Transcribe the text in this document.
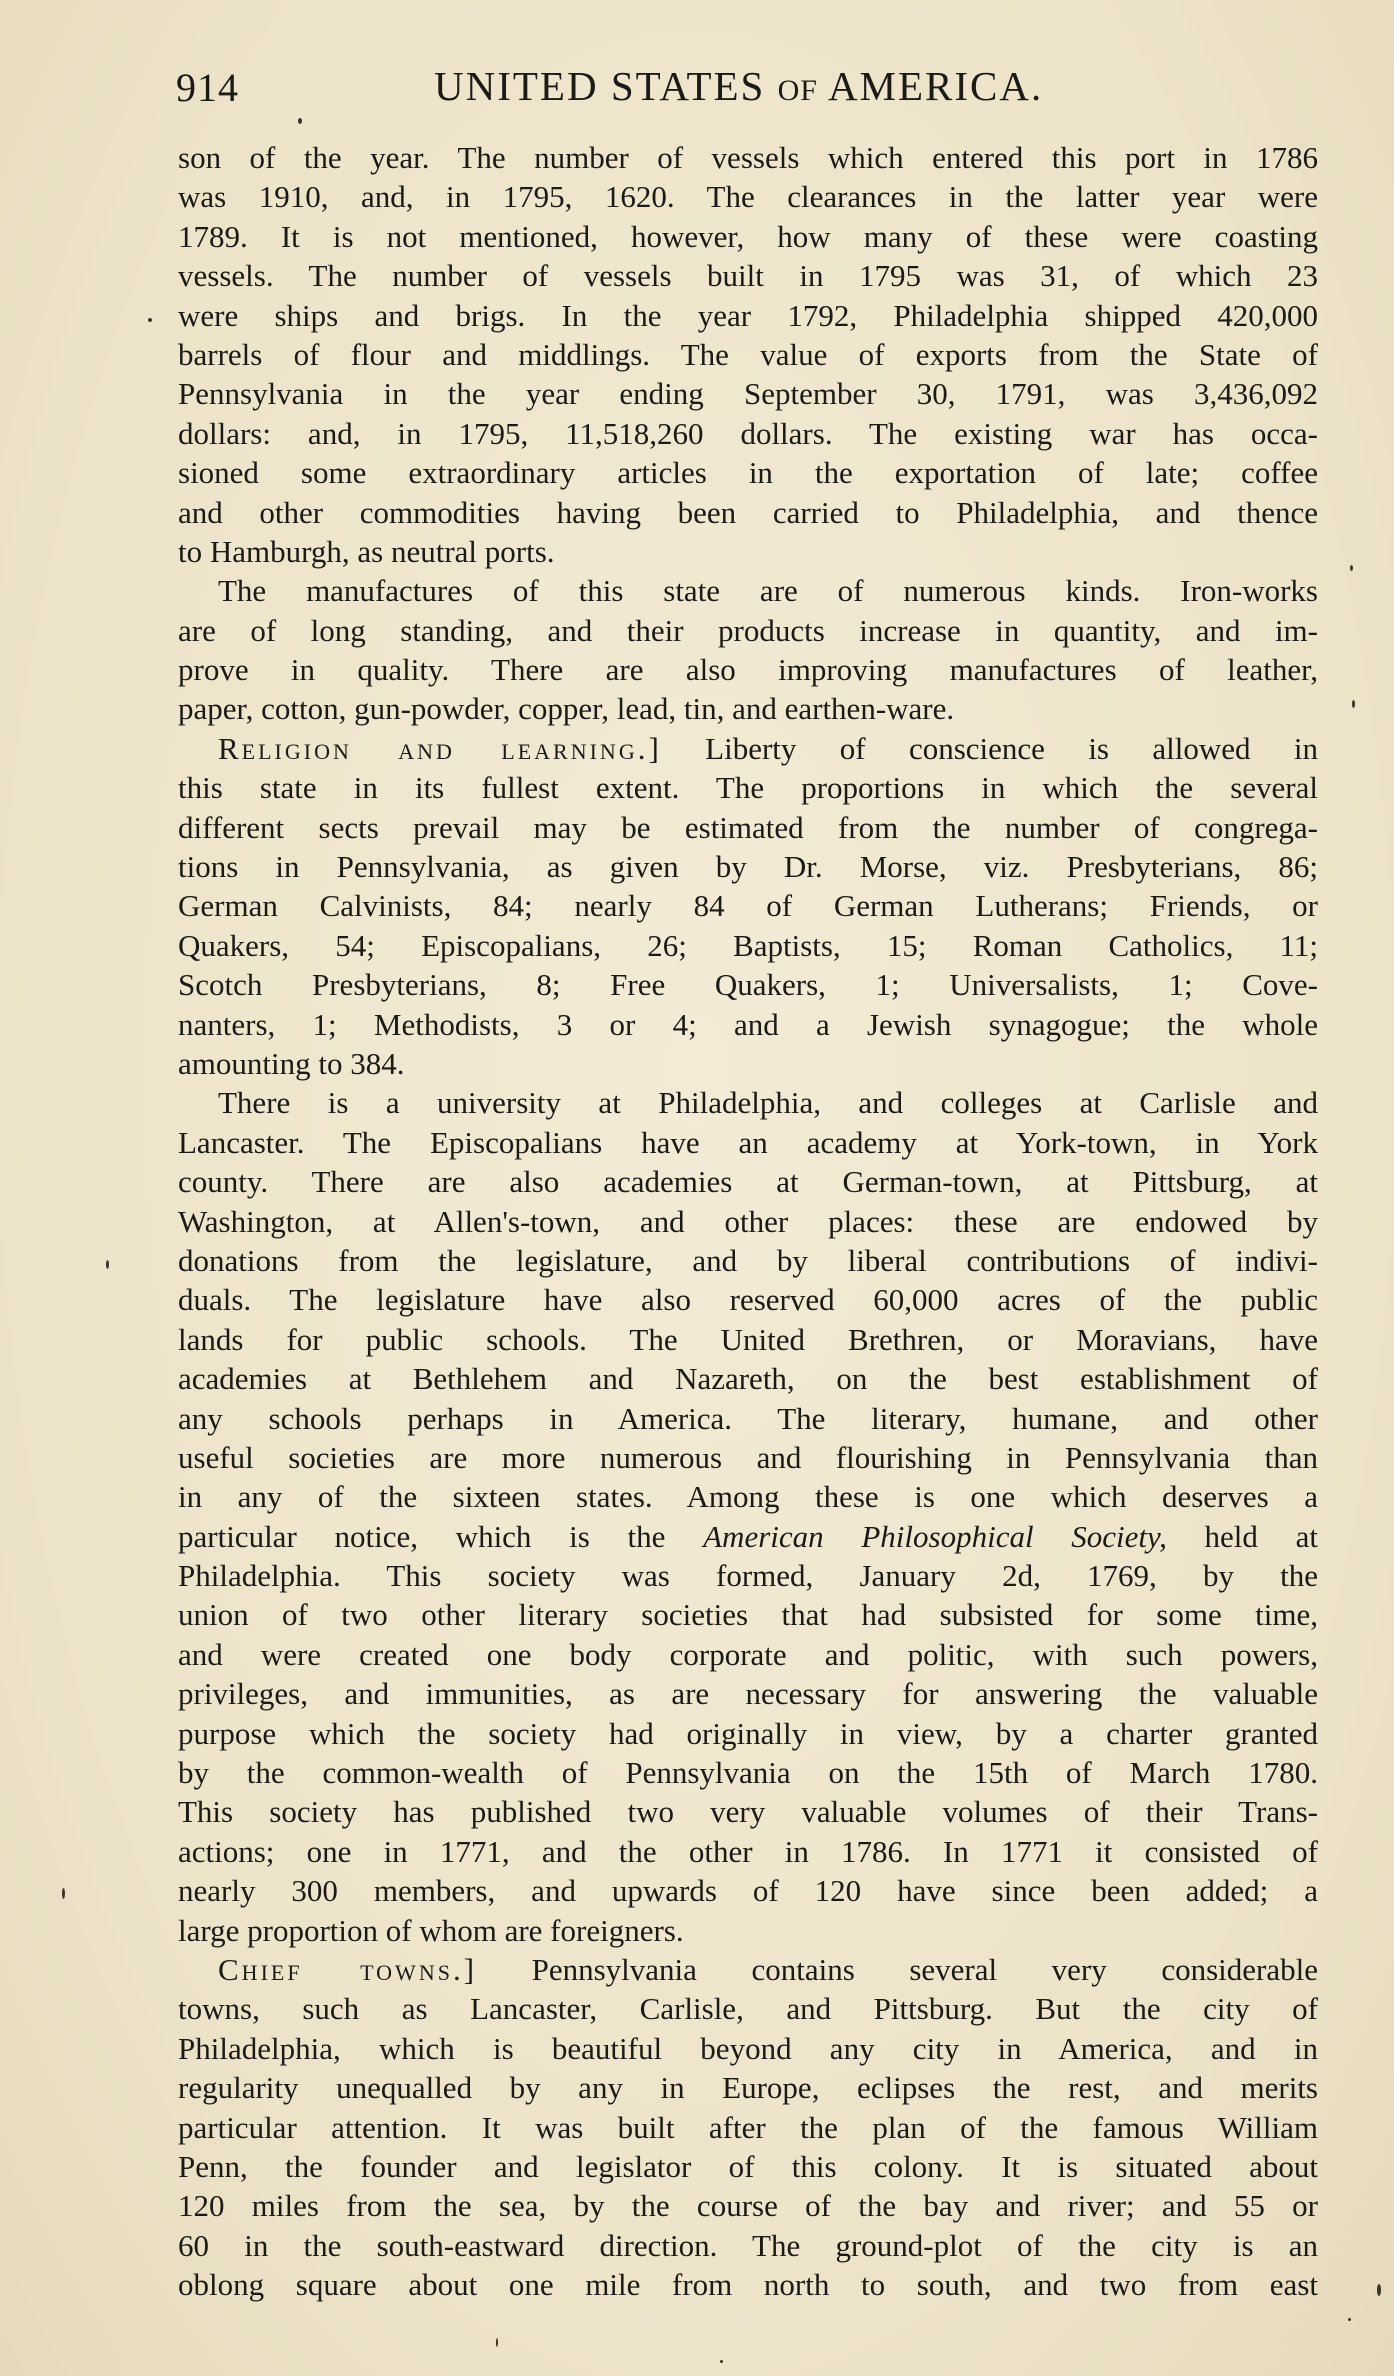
914	UNITED STATES OF AMERICA.
son of the year. The number of vessels which entered this port in 1786
was 1910, and, in 1795, 1620. The clearances in the latter year were
1789. It is not mentioned, however, how many of these were coasting
vessels. The number of vessels built in 1795 was 31, of which 23
were ships and brigs. In the year 1792, Philadelphia shipped 420,000
barrels of flour and middlings. The value of exports from the State of
Pennsylvania in the year ending September 30, 1791, was 3,436,092
dollars: and, in 1795, 11,518,260 dollars. The existing war has occa-
sioned some extraordinary articles in the exportation of late; coffee
and other commodities having been carried to Philadelphia, and thence
to Hamburgh, as neutral ports.
The manufactures of this state are of numerous kinds. Iron-works
are of long standing, and their products increase in quantity, and im-
prove in quality. There are also improving manufactures of leather,
paper, cotton, gun-powder, copper, lead, tin, and earthen-ware.
Religion and learning.] Liberty of conscience is allowed in
this state in its fullest extent. The proportions in which the several
different sects prevail may be estimated from the number of congrega-
tions in Pennsylvania, as given by Dr. Morse, viz. Presbyterians, 86;
German Calvinists, 84; nearly 84 of German Lutherans; Friends, or
Quakers, 54; Episcopalians, 26; Baptists, 15; Roman Catholics, 11;
Scotch Presbyterians, 8; Free Quakers, 1; Universalists, 1; Cove-
nanters, 1; Methodists, 3 or 4; and a Jewish synagogue; the whole
amounting to 384.
There is a university at Philadelphia, and colleges at Carlisle and
Lancaster. The Episcopalians have an academy at York-town, in York
county. There are also academies at German-town, at Pittsburg, at
Washington, at Allen's-town, and other places: these are endowed by
donations from the legislature, and by liberal contributions of indivi-
duals. The legislature have also reserved 60,000 acres of the public
lands for public schools. The United Brethren, or Moravians, have
academies at Bethlehem and Nazareth, on the best establishment of
any schools perhaps in America. The literary, humane, and other
useful societies are more numerous and flourishing in Pennsylvania than
in any of the sixteen states. Among these is one which deserves a
particular notice, which is the American Philosophical Society, held at
Philadelphia. This society was formed, January 2d, 1769, by the
union of two other literary societies that had subsisted for some time,
and were created one body corporate and politic, with such powers,
privileges, and immunities, as are necessary for answering the valuable
purpose which the society had originally in view, by a charter granted
by the common-wealth of Pennsylvania on the 15th of March 1780.
This society has published two very valuable volumes of their Trans-
actions; one in 1771, and the other in 1786. In 1771 it consisted of
nearly 300 members, and upwards of 120 have since been added; a
large proportion of whom are foreigners.
Chief towns.] Pennsylvania contains several very considerable
towns, such as Lancaster, Carlisle, and Pittsburg. But the city of
Philadelphia, which is beautiful beyond any city in America, and in
regularity unequalled by any in Europe, eclipses the rest, and merits
particular attention. It was built after the plan of the famous William
Penn, the founder and legislator of this colony. It is situated about
120 miles from the sea, by the course of the bay and river; and 55 or
60 in the south-eastward direction. The ground-plot of the city is an
oblong square about one mile from north to south, and two from east
